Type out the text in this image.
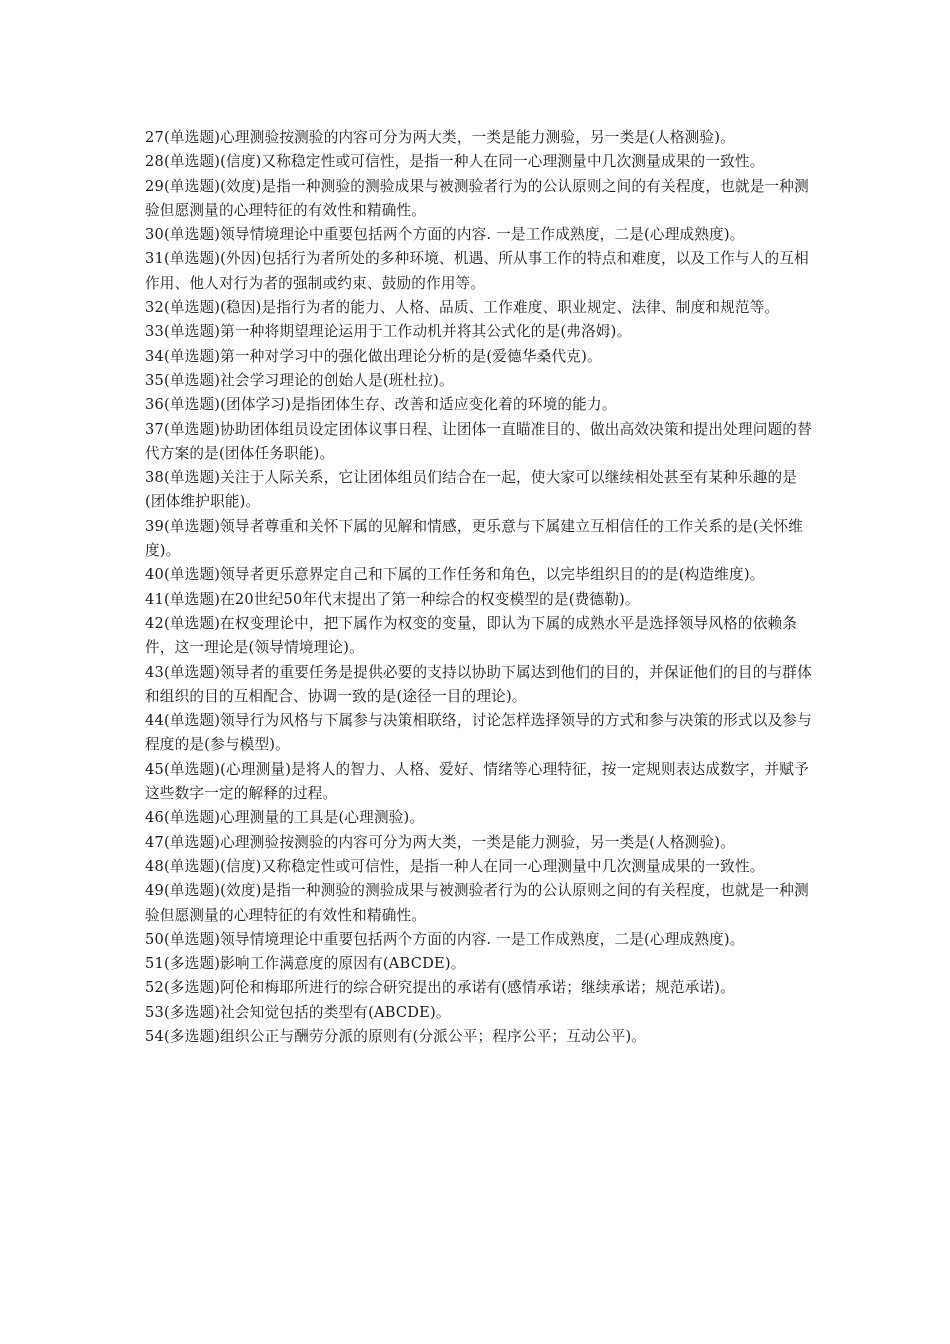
27(单选题)心理测验按测验的内容可分为两大类，一类是能力测验，另一类是(人格测验)。

28(单选题)(信度)又称稳定性或可信性，是指一种人在同一心理测量中几次测量成果的一致性。

29(单选题)(效度)是指一种测验的测验成果与被测验者行为的公认原则之间的有关程度，也就是一种测验但愿测量的心理特征的有效性和精确性。

30(单选题)领导情境理论中重要包括两个方面的内容. 一是工作成熟度，二是(心理成熟度)。

31(单选题)(外因)包括行为者所处的多种环境、机遇、所从事工作的特点和难度，以及工作与人的互相作用、他人对行为者的强制或约束、鼓励的作用等。

32(单选题)(稳因)是指行为者的能力、人格、品质、工作难度、职业规定、法律、制度和规范等。

33(单选题)第一种将期望理论运用于工作动机并将其公式化的是(弗洛姆)。

34(单选题)第一种对学习中的强化做出理论分析的是(爱德华桑代克)。

35(单选题)社会学习理论的创始人是(班杜拉)。

36(单选题)(团体学习)是指团体生存、改善和适应变化着的环境的能力。

37(单选题)协助团体组员设定团体议事日程、让团体一直瞄准目的、做出高效决策和提出处理问题的替代方案的是(团体任务职能)。

38(单选题)关注于人际关系，它让团体组员们结合在一起，使大家可以继续相处甚至有某种乐趣的是(团体维护职能)。

39(单选题)领导者尊重和关怀下属的见解和情感，更乐意与下属建立互相信任的工作关系的是(关怀维度)。

40(单选题)领导者更乐意界定自己和下属的工作任务和角色，以完毕组织目的的是(构造维度)。

41(单选题)在20世纪50年代末提出了第一种综合的权变模型的是(费德勒)。

42(单选题)在权变理论中，把下属作为权变的变量，即认为下属的成熟水平是选择领导风格的依赖条件，这一理论是(领导情境理论)。

43(单选题)领导者的重要任务是提供必要的支持以协助下属达到他们的目的，并保证他们的目的与群体和组织的目的互相配合、协调一致的是(途径一目的理论)。

44(单选题)领导行为风格与下属参与决策相联络，讨论怎样选择领导的方式和参与决策的形式以及参与程度的是(参与模型)。

45(单选题)(心理测量)是将人的智力、人格、爱好、情绪等心理特征，按一定规则表达成数字，并赋予这些数字一定的解释的过程。

46(单选题)心理测量的工具是(心理测验)。

47(单选题)心理测验按测验的内容可分为两大类，一类是能力测验，另一类是(人格测验)。

48(单选题)(信度)又称稳定性或可信性，是指一种人在同一心理测量中几次测量成果的一致性。

49(单选题)(效度)是指一种测验的测验成果与被测验者行为的公认原则之间的有关程度，也就是一种测验但愿测量的心理特征的有效性和精确性。

50(单选题)领导情境理论中重要包括两个方面的内容. 一是工作成熟度，二是(心理成熟度)。

51(多选题)影响工作满意度的原因有(ABCDE)。

52(多选题)阿伦和梅耶所进行的综合研究提出的承诺有(感情承诺；继续承诺；规范承诺)。

53(多选题)社会知觉包括的类型有(ABCDE)。

54(多选题)组织公正与酬劳分派的原则有(分派公平；程序公平；互动公平)。
